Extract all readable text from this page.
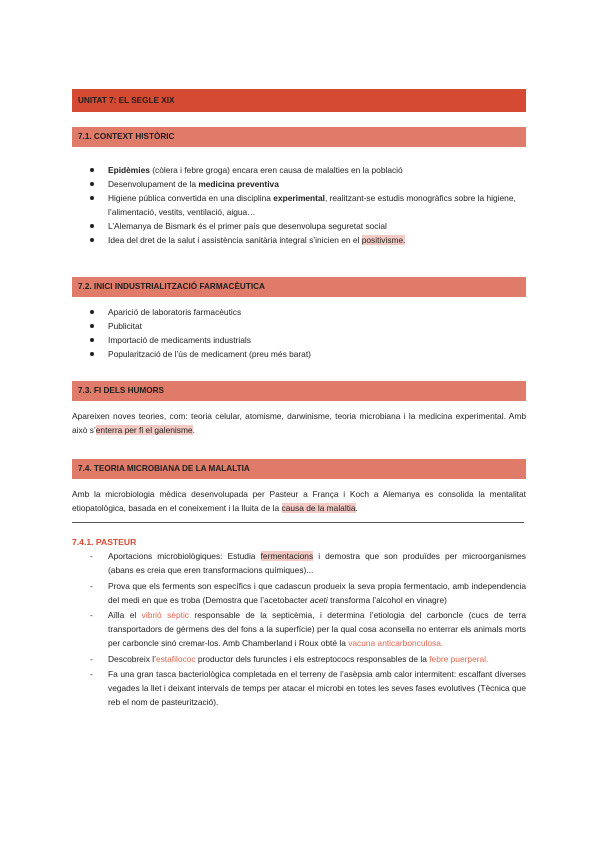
UNITAT 7: EL SEGLE XIX
7.1. CONTEXT HISTÒRIC
Epidèmies (còlera i febre groga) encara eren causa de malalties en la població
Desenvolupament de la medicina preventiva
Higiene pública convertida en una disciplina experimental, realitzant-se estudis monogràfics sobre la higiene, l’alimentació, vestits, ventilació, aigua…
L’Alemanya de Bismark és el primer país que desenvolupa seguretat social
Idea del dret de la salut i assistència sanitària integral s’inicien en el positivisme.
7.2. INICI INDUSTRIALITZACIÓ FARMACÈUTICA
Aparició de laboratoris farmacèutics
Publicitat
Importació de medicaments industrials
Popularització de l’ús de medicament (preu més barat)
7.3. FI DELS HUMORS
Apareixen noves teories, com: teoria celular, atomisme, darwinisme, teoria microbiana i la medicina experimental. Amb això s’enterra per fi el galenisme.
7.4. TEORIA MICROBIANA DE LA MALALTIA
Amb la microbiologia mèdica desenvolupada per Pasteur a França i Koch a Alemanya es consolida la mentalitat etiopatològica, basada en el coneixement i la lluita de la causa de la malaltia.
7.4.1. PASTEUR
- Aportacions microbiològiques: Estudia fermentacions i demostra que son produïdes per microorganismes (abans es creia que eren transformacions químiques)...
- Prova que els ferments son específics i que cadascun produeix la seva propia fermentacio, amb independencia del medi en que es troba (Demostra que l’acetobacter aceti transforma l’alcohol en vinagre)
- Aïlla el vibrió sèptic responsable de la septicèmia, i determina l’etiologia del carboncle (cucs de terra transportadors de gèrmens des del fons a la superfície) per la qual cosa aconsella no enterrar els animals morts per carboncle sinó cremar-los. Amb Chamberland i Roux obté la vacuna anticarbonculosa.
- Descobreix l’estafilococ productor dels furuncles i els estreptococs responsables de la febre puerperal.
- Fa una gran tasca bacteriològica completada en el terreny de l’asèpsia amb calor intermitent: escalfant diverses vegades la llet i deixant intervals de temps per atacar el microbi en totes les seves fases evolutives (Tècnica que reb el nom de pasteurització).
